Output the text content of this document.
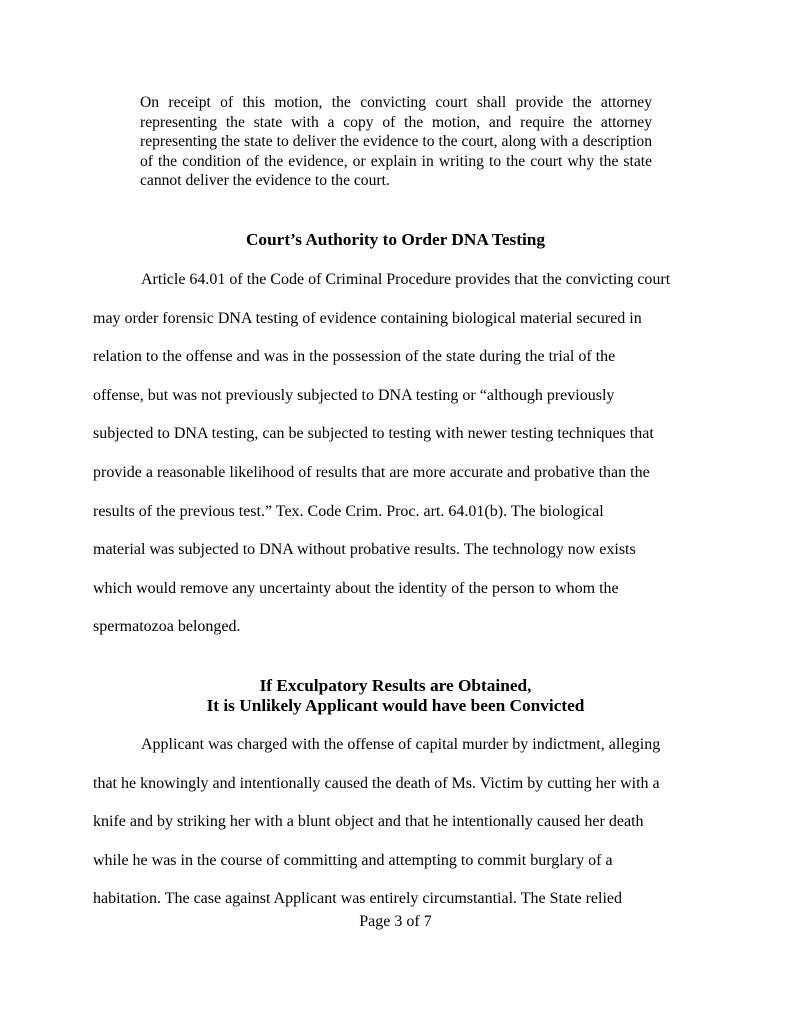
On receipt of this motion, the convicting court shall provide the attorney representing the state with a copy of the motion, and require the attorney representing the state to deliver the evidence to the court, along with a description of the condition of the evidence, or explain in writing to the court why the state cannot deliver the evidence to the court.
Court’s Authority to Order DNA Testing
Article 64.01 of the Code of Criminal Procedure provides that the convicting court
may order forensic DNA testing of evidence containing biological material secured in
relation to the offense and was in the possession of the state during the trial of the
offense, but was not previously subjected to DNA testing or “although previously
subjected to DNA testing, can be subjected to testing with newer testing techniques that
provide a reasonable likelihood of results that are more accurate and probative than the
results of the previous test.” Tex. Code Crim. Proc. art. 64.01(b). The biological
material was subjected to DNA without probative results. The technology now exists
which would remove any uncertainty about the identity of the person to whom the
spermatozoa belonged.
If Exculpatory Results are Obtained,
It is Unlikely Applicant would have been Convicted
Applicant was charged with the offense of capital murder by indictment, alleging
that he knowingly and intentionally caused the death of Ms. Victim by cutting her with a
knife and by striking her with a blunt object and that he intentionally caused her death
while he was in the course of committing and attempting to commit burglary of a
habitation. The case against Applicant was entirely circumstantial. The State relied
Page 3 of 7
